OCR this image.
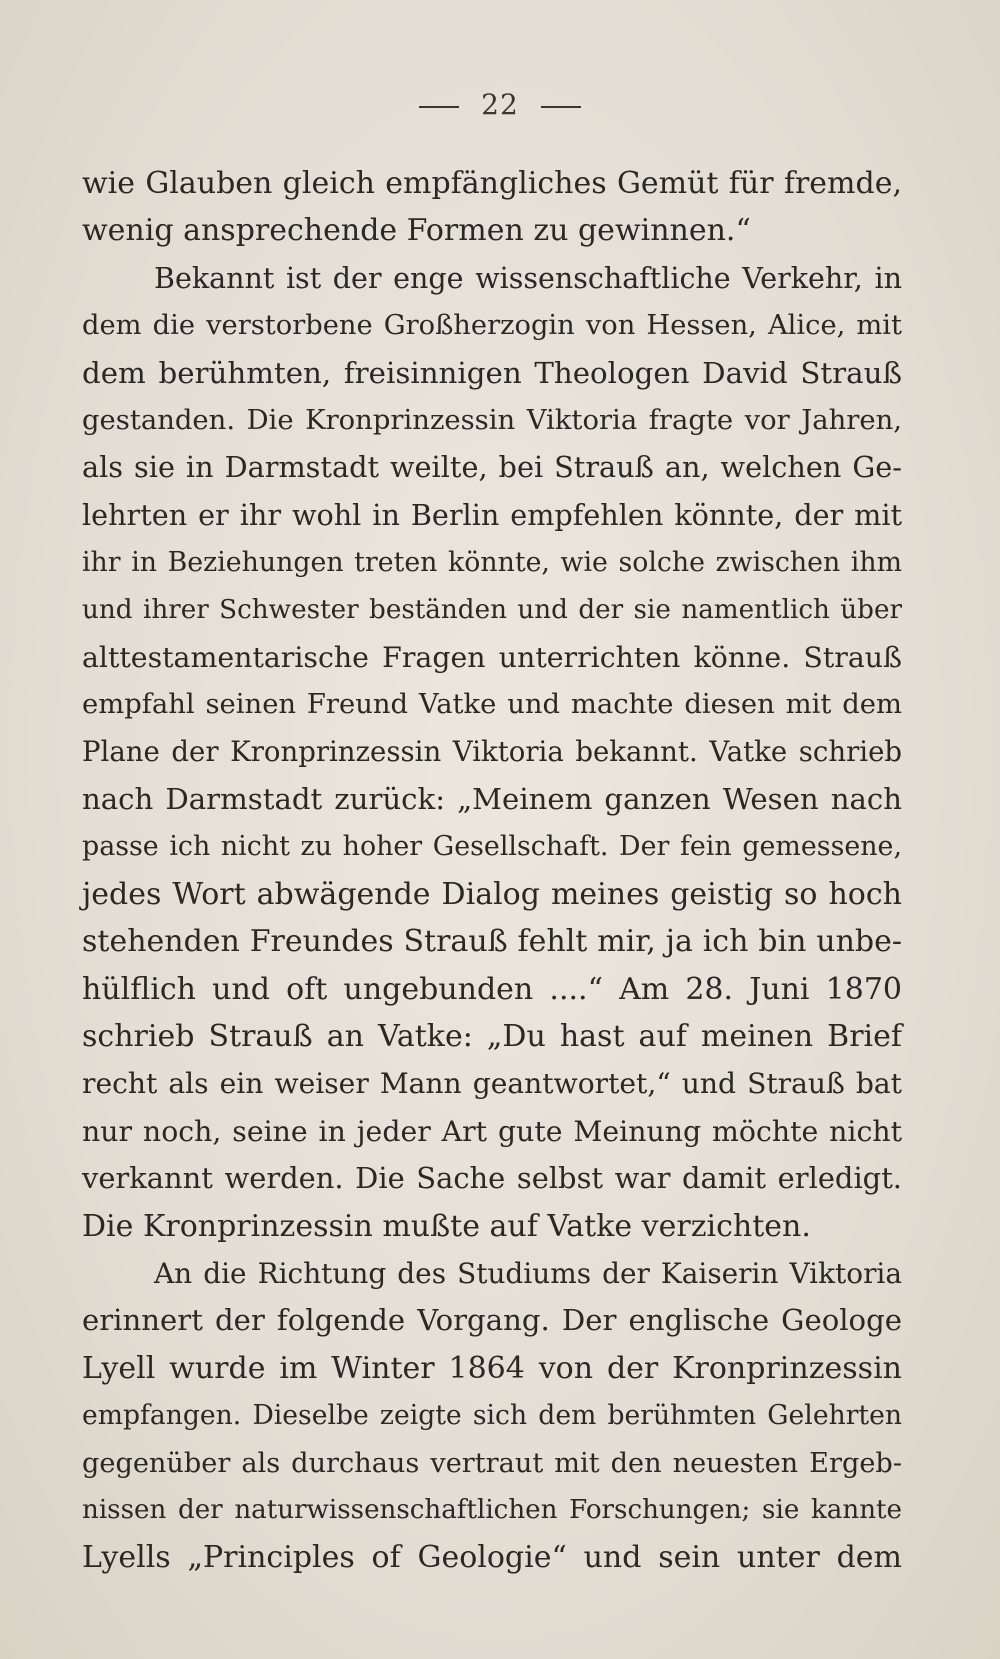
22
wie Glauben gleich empfängliches Gemüt für fremde,
wenig ansprechende Formen zu gewinnen.“
Bekannt ist der enge wissenschaftliche Verkehr, in
dem die verstorbene Großherzogin von Hessen, Alice, mit
dem berühmten, freisinnigen Theologen David Strauß
gestanden. Die Kronprinzessin Viktoria fragte vor Jahren,
als sie in Darmstadt weilte, bei Strauß an, welchen Ge-
lehrten er ihr wohl in Berlin empfehlen könnte, der mit
ihr in Beziehungen treten könnte, wie solche zwischen ihm
und ihrer Schwester beständen und der sie namentlich über
alttestamentarische Fragen unterrichten könne. Strauß
empfahl seinen Freund Vatke und machte diesen mit dem
Plane der Kronprinzessin Viktoria bekannt. Vatke schrieb
nach Darmstadt zurück: „Meinem ganzen Wesen nach
passe ich nicht zu hoher Gesellschaft. Der fein gemessene,
jedes Wort abwägende Dialog meines geistig so hoch
stehenden Freundes Strauß fehlt mir, ja ich bin unbe-
hülflich und oft ungebunden ....“ Am 28. Juni 1870
schrieb Strauß an Vatke: „Du hast auf meinen Brief
recht als ein weiser Mann geantwortet,“ und Strauß bat
nur noch, seine in jeder Art gute Meinung möchte nicht
verkannt werden. Die Sache selbst war damit erledigt.
Die Kronprinzessin mußte auf Vatke verzichten.
An die Richtung des Studiums der Kaiserin Viktoria
erinnert der folgende Vorgang. Der englische Geologe
Lyell wurde im Winter 1864 von der Kronprinzessin
empfangen. Dieselbe zeigte sich dem berühmten Gelehrten
gegenüber als durchaus vertraut mit den neuesten Ergeb-
nissen der naturwissenschaftlichen Forschungen; sie kannte
Lyells „Principles of Geologie“ und sein unter dem
